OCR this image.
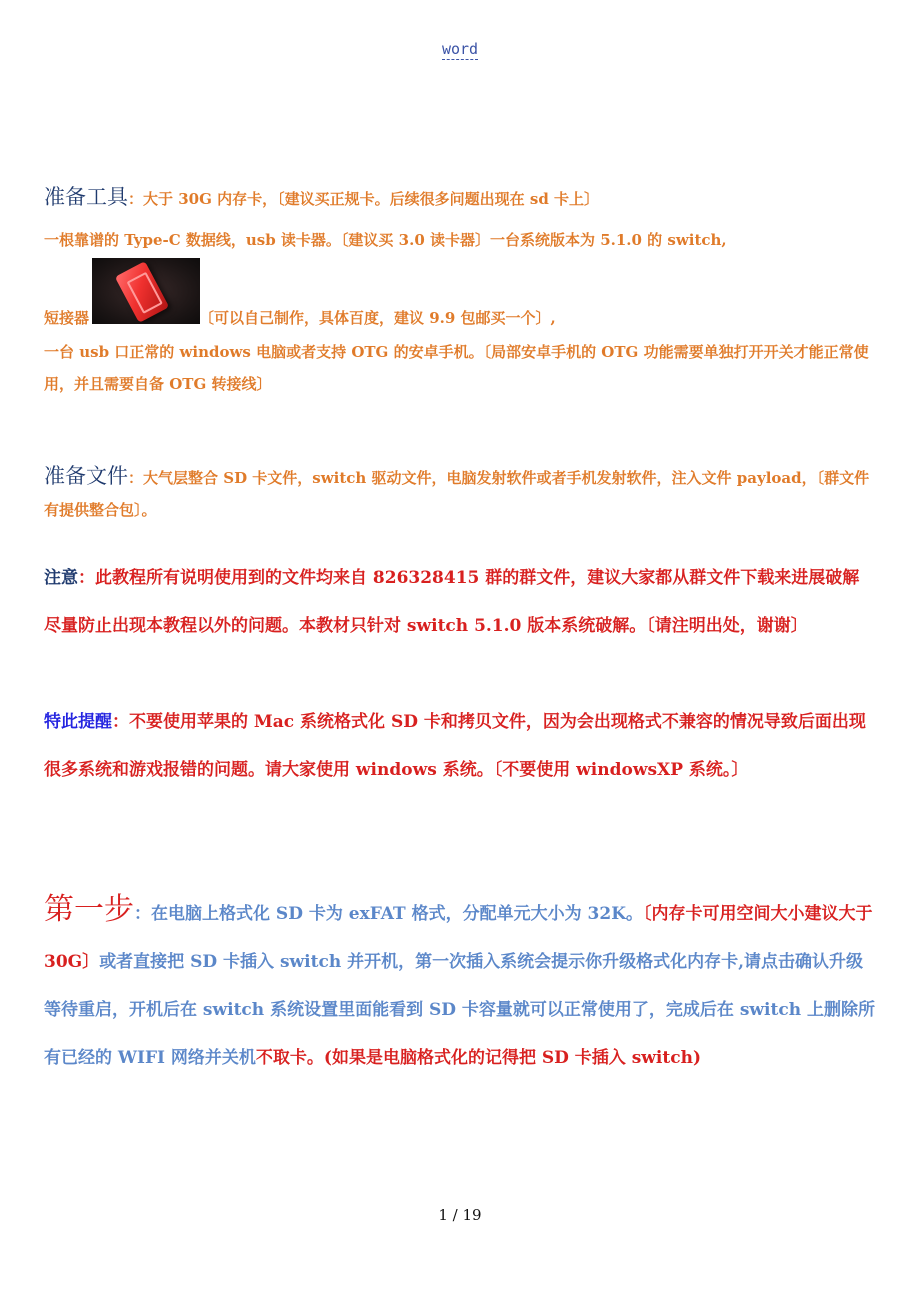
word
准备工具：大于 30G 内存卡，〔建议买正规卡。后续很多问题出现在 sd 卡上〕
一根靠谱的 Type-C 数据线，usb 读卡器。〔建议买 3.0 读卡器〕一台系统版本为 5.1.0 的 switch,
短接器	〔可以自己制作，具体百度，建议 9.9 包邮买一个〕,
一台 usb 口正常的 windows 电脑或者支持 OTG 的安卓手机。〔局部安卓手机的 OTG 功能需要单独打开开关才能正常使用，并且需要自备 OTG 转接线〕
准备文件：大气层整合 SD 卡文件，switch 驱动文件，电脑发射软件或者手机发射软件，注入文件 payload，〔群文件有提供整合包〕。
注意：此教程所有说明使用到的文件均来自 826328415 群的群文件，建议大家都从群文件下载来进展破解尽量防止出现本教程以外的问题。本教材只针对 switch 5.1.0 版本系统破解。〔请注明出处，谢谢〕
特此提醒：不要使用苹果的 Mac 系统格式化 SD 卡和拷贝文件，因为会出现格式不兼容的情况导致后面出现很多系统和游戏报错的问题。请大家使用 windows 系统。〔不要使用 windowsXP 系统。〕
第一步：在电脑上格式化 SD 卡为 exFAT 格式，分配单元大小为 32K。〔内存卡可用空间大小建议大于 30G〕或者直接把 SD 卡插入 switch 并开机，第一次插入系统会提示你升级格式化内存卡,请点击确认升级等待重启，开机后在 switch 系统设置里面能看到 SD 卡容量就可以正常使用了，完成后在 switch 上删除所有已经的 WIFI 网络并关机不取卡。(如果是电脑格式化的记得把 SD 卡插入 switch)
1 / 19
